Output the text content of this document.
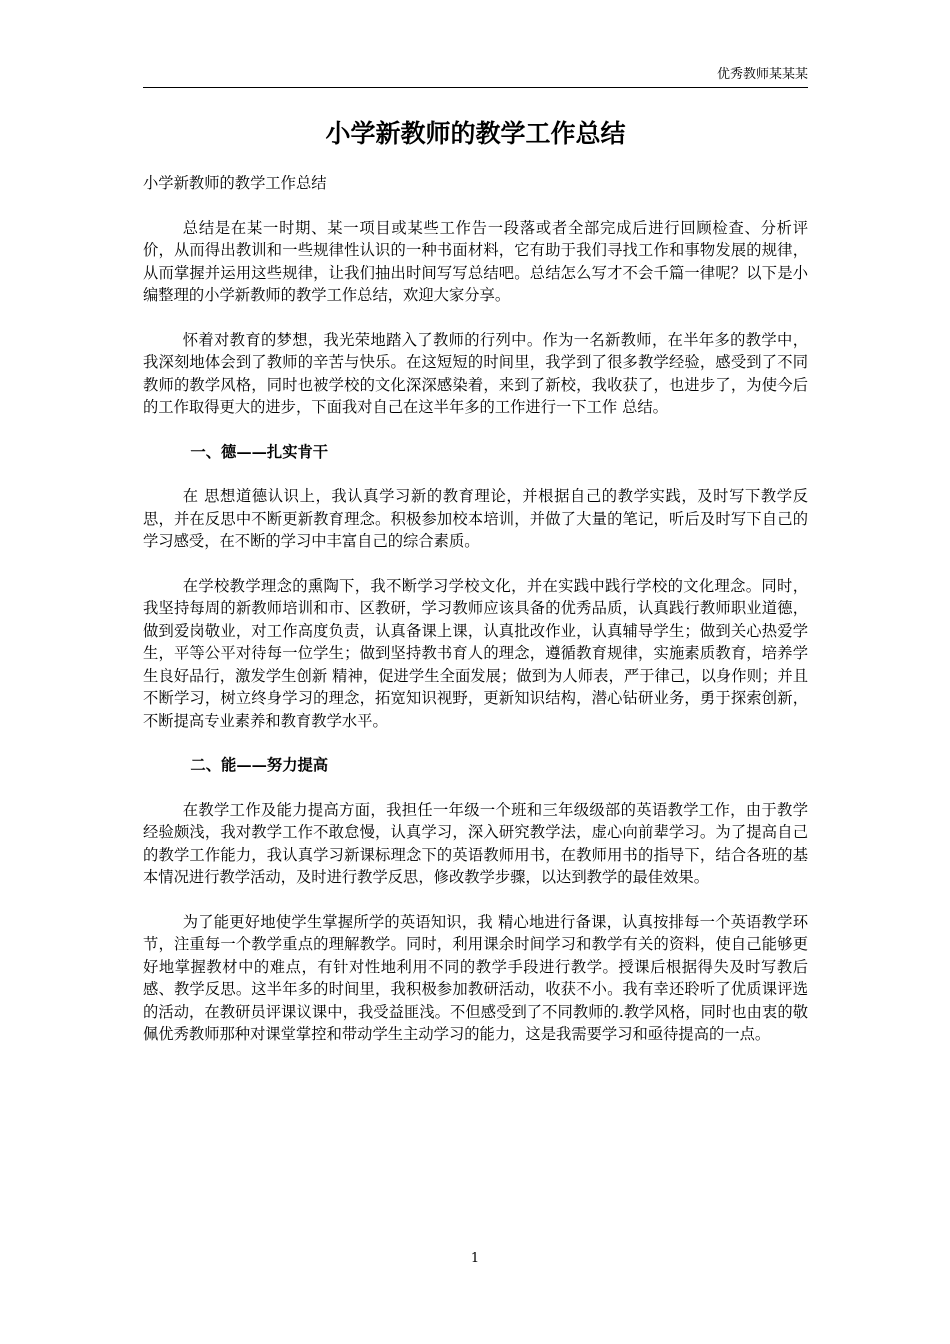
优秀教师某某某
小学新教师的教学工作总结

小学新教师的教学工作总结

总结是在某一时期、某一项目或某些工作告一段落或者全部完成后进行回顾检查、分析评价，从而得出教训和一些规律性认识的一种书面材料，它有助于我们寻找工作和事物发展的规律，从而掌握并运用这些规律，让我们抽出时间写写总结吧。总结怎么写才不会千篇一律呢？以下是小编整理的小学新教师的教学工作总结，欢迎大家分享。

怀着对教育的梦想，我光荣地踏入了教师的行列中。作为一名新教师，在半年多的教学中，我深刻地体会到了教师的辛苦与快乐。在这短短的时间里，我学到了很多教学经验，感受到了不同教师的教学风格，同时也被学校的文化深深感染着，来到了新校，我收获了，也进步了，为使今后的工作取得更大的进步，下面我对自己在这半年多的工作进行一下工作 总结。

一、德——扎实肯干

在 思想道德认识上，我认真学习新的教育理论，并根据自己的教学实践，及时写下教学反思，并在反思中不断更新教育理念。积极参加校本培训，并做了大量的笔记，听后及时写下自己的学习感受，在不断的学习中丰富自己的综合素质。

在学校教学理念的熏陶下，我不断学习学校文化，并在实践中践行学校的文化理念。同时，我坚持每周的新教师培训和市、区教研，学习教师应该具备的优秀品质，认真践行教师职业道德，做到爱岗敬业，对工作高度负责，认真备课上课，认真批改作业，认真辅导学生；做到关心热爱学生，平等公平对待每一位学生；做到坚持教书育人的理念，遵循教育规律，实施素质教育，培养学生良好品行，激发学生创新 精神，促进学生全面发展；做到为人师表，严于律己，以身作则；并且不断学习，树立终身学习的理念，拓宽知识视野，更新知识结构，潜心钻研业务，勇于探索创新，不断提高专业素养和教育教学水平。

二、能——努力提高

在教学工作及能力提高方面，我担任一年级一个班和三年级级部的英语教学工作，由于教学经验颇浅，我对教学工作不敢怠慢，认真学习，深入研究教学法，虚心向前辈学习。为了提高自己的教学工作能力，我认真学习新课标理念下的英语教师用书，在教师用书的指导下，结合各班的基本情况进行教学活动，及时进行教学反思，修改教学步骤，以达到教学的最佳效果。

为了能更好地使学生掌握所学的英语知识，我 精心地进行备课，认真按排每一个英语教学环节，注重每一个教学重点的理解教学。同时，利用课余时间学习和教学有关的资料，使自己能够更好地掌握教材中的难点，有针对性地利用不同的教学手段进行教学。授课后根据得失及时写教后感、教学反思。这半年多的时间里，我积极参加教研活动，收获不小。我有幸还聆听了优质课评选的活动，在教研员评课议课中，我受益匪浅。不但感受到了不同教师的.教学风格，同时也由衷的敬佩优秀教师那种对课堂掌控和带动学生主动学习的能力，这是我需要学习和亟待提高的一点。

1
